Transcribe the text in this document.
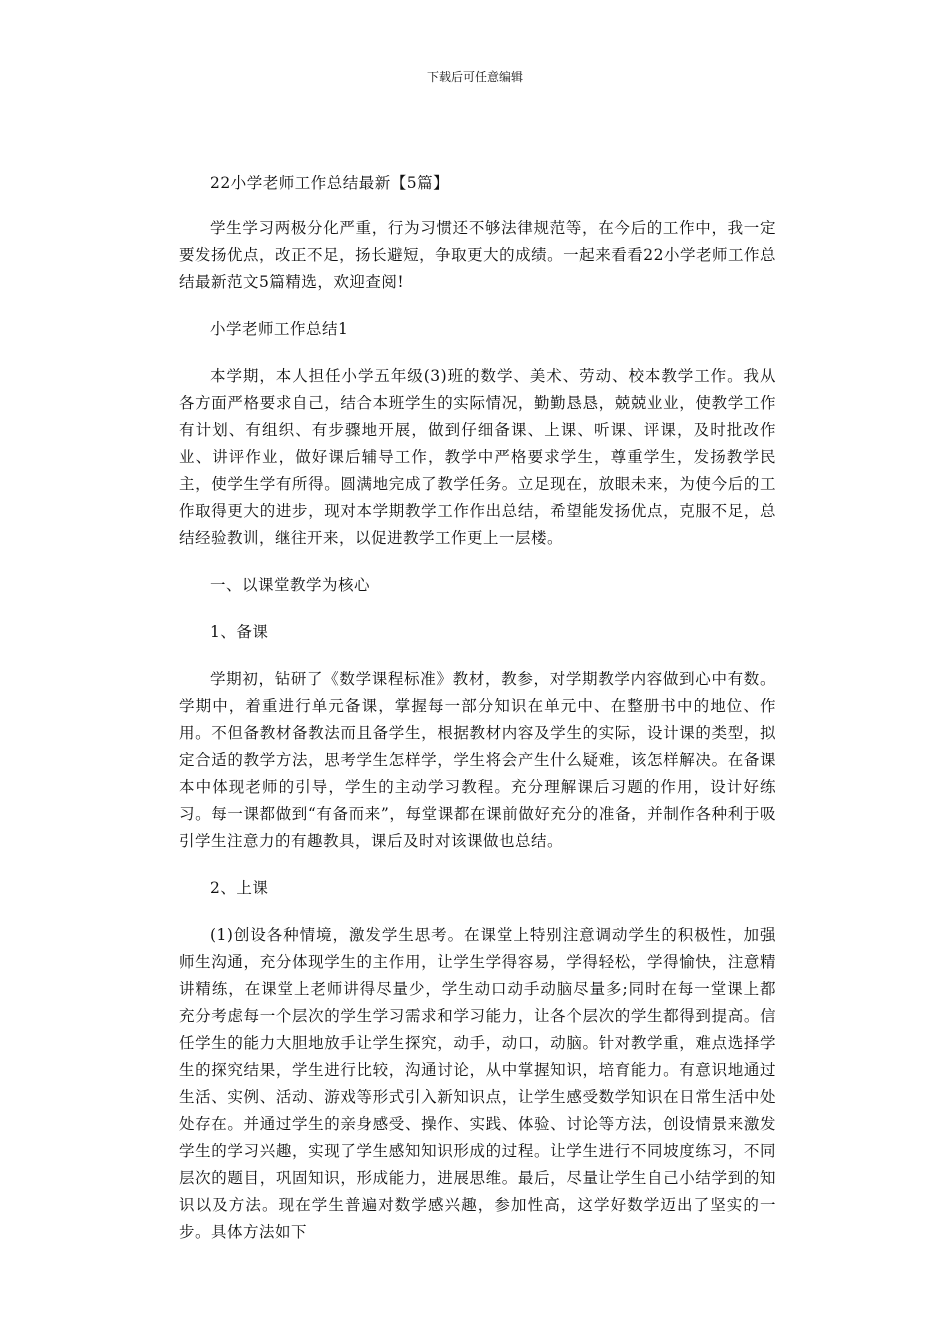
下载后可任意编辑

22小学老师工作总结最新【5篇】

学生学习两极分化严重，行为习惯还不够法律规范等，在今后的工作中，我一定要发扬优点，改正不足，扬长避短，争取更大的成绩。一起来看看22小学老师工作总结最新范文5篇精选，欢迎查阅!

小学老师工作总结1

本学期，本人担任小学五年级(3)班的数学、美术、劳动、校本教学工作。我从各方面严格要求自己，结合本班学生的实际情况，勤勤恳恳，兢兢业业，使教学工作有计划、有组织、有步骤地开展，做到仔细备课、上课、听课、评课，及时批改作业、讲评作业，做好课后辅导工作，教学中严格要求学生，尊重学生，发扬教学民主，使学生学有所得。圆满地完成了教学任务。立足现在，放眼未来，为使今后的工作取得更大的进步，现对本学期教学工作作出总结，希望能发扬优点，克服不足，总结经验教训，继往开来，以促进教学工作更上一层楼。

一、以课堂教学为核心

1、备课

学期初，钻研了《数学课程标准》教材，教参，对学期教学内容做到心中有数。学期中，着重进行单元备课，掌握每一部分知识在单元中、在整册书中的地位、作用。不但备教材备教法而且备学生，根据教材内容及学生的实际，设计课的类型，拟定合适的教学方法，思考学生怎样学，学生将会产生什么疑难，该怎样解决。在备课本中体现老师的引导，学生的主动学习教程。充分理解课后习题的作用，设计好练习。每一课都做到“有备而来”，每堂课都在课前做好充分的准备，并制作各种利于吸引学生注意力的有趣教具，课后及时对该课做也总结。

2、上课

(1)创设各种情境，激发学生思考。在课堂上特别注意调动学生的积极性，加强师生沟通，充分体现学生的主作用，让学生学得容易，学得轻松，学得愉快，注意精讲精练，在课堂上老师讲得尽量少，学生动口动手动脑尽量多;同时在每一堂课上都充分考虑每一个层次的学生学习需求和学习能力，让各个层次的学生都得到提高。信任学生的能力大胆地放手让学生探究，动手，动口，动脑。针对教学重，难点选择学生的探究结果，学生进行比较，沟通讨论，从中掌握知识，培育能力。有意识地通过生活、实例、活动、游戏等形式引入新知识点，让学生感受数学知识在日常生活中处处存在。并通过学生的亲身感受、操作、实践、体验、讨论等方法，创设情景来激发学生的学习兴趣，实现了学生感知知识形成的过程。让学生进行不同坡度练习，不同层次的题目，巩固知识，形成能力，进展思维。最后，尽量让学生自己小结学到的知识以及方法。现在学生普遍对数学感兴趣，参加性高，这学好数学迈出了坚实的一步。具体方法如下
